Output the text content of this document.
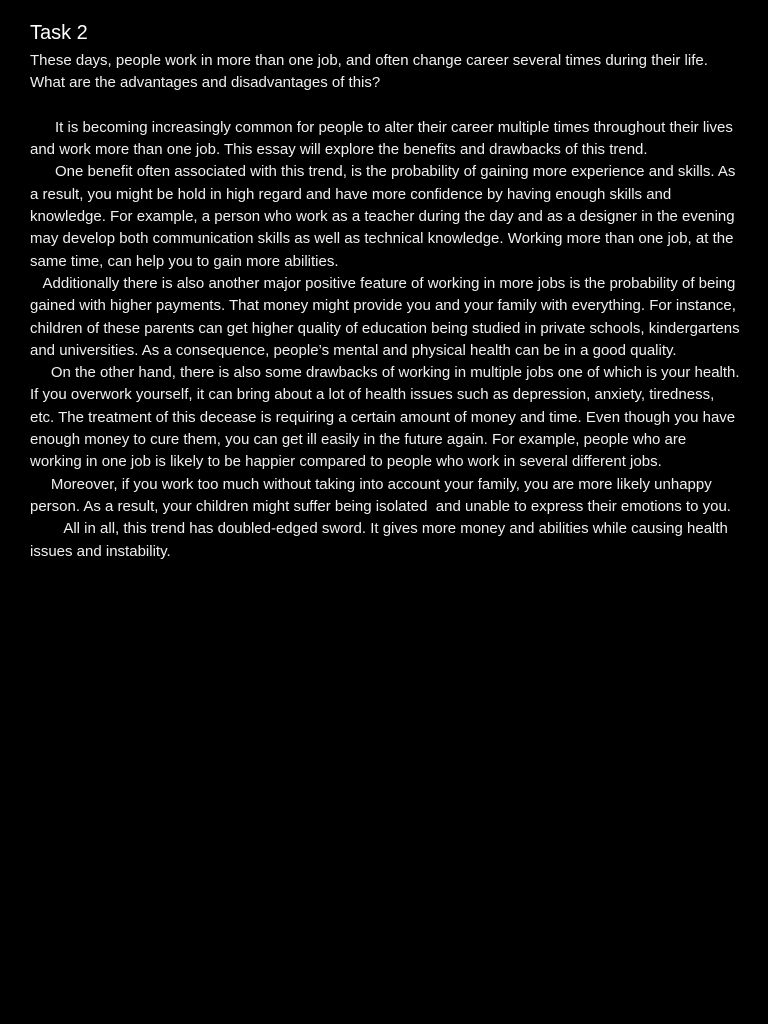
Task 2

These days, people work in more than one job, and often change career several times during their life. What are the advantages and disadvantages of this?

It is becoming increasingly common for people to alter their career multiple times throughout their lives and work more than one job. This essay will explore the benefits and drawbacks of this trend.

One benefit often associated with this trend, is the probability of gaining more experience and skills. As a result, you might be hold in high regard and have more confidence by having enough skills and knowledge. For example, a person who work as a teacher during the day and as a designer in the evening may develop both communication skills as well as technical knowledge. Working more than one job, at the same time, can help you to gain more abilities.

Additionally there is also another major positive feature of working in more jobs is the probability of being gained with higher payments. That money might provide you and your family with everything. For instance, children of these parents can get higher quality of education being studied in private schools, kindergartens and universities. As a consequence, people’s mental and physical health can be in a good quality.

On the other hand, there is also some drawbacks of working in multiple jobs one of which is your health. If you overwork yourself, it can bring about a lot of health issues such as depression, anxiety, tiredness, etc. The treatment of this decease is requiring a certain amount of money and time. Even though you have enough money to cure them, you can get ill easily in the future again. For example, people who are working in one job is likely to be happier compared to people who work in several different jobs.

Moreover, if you work too much without taking into account your family, you are more likely unhappy person. As a result, your children might suffer being isolated  and unable to express their emotions to you.

All in all, this trend has doubled-edged sword. It gives more money and abilities while causing health issues and instability.
